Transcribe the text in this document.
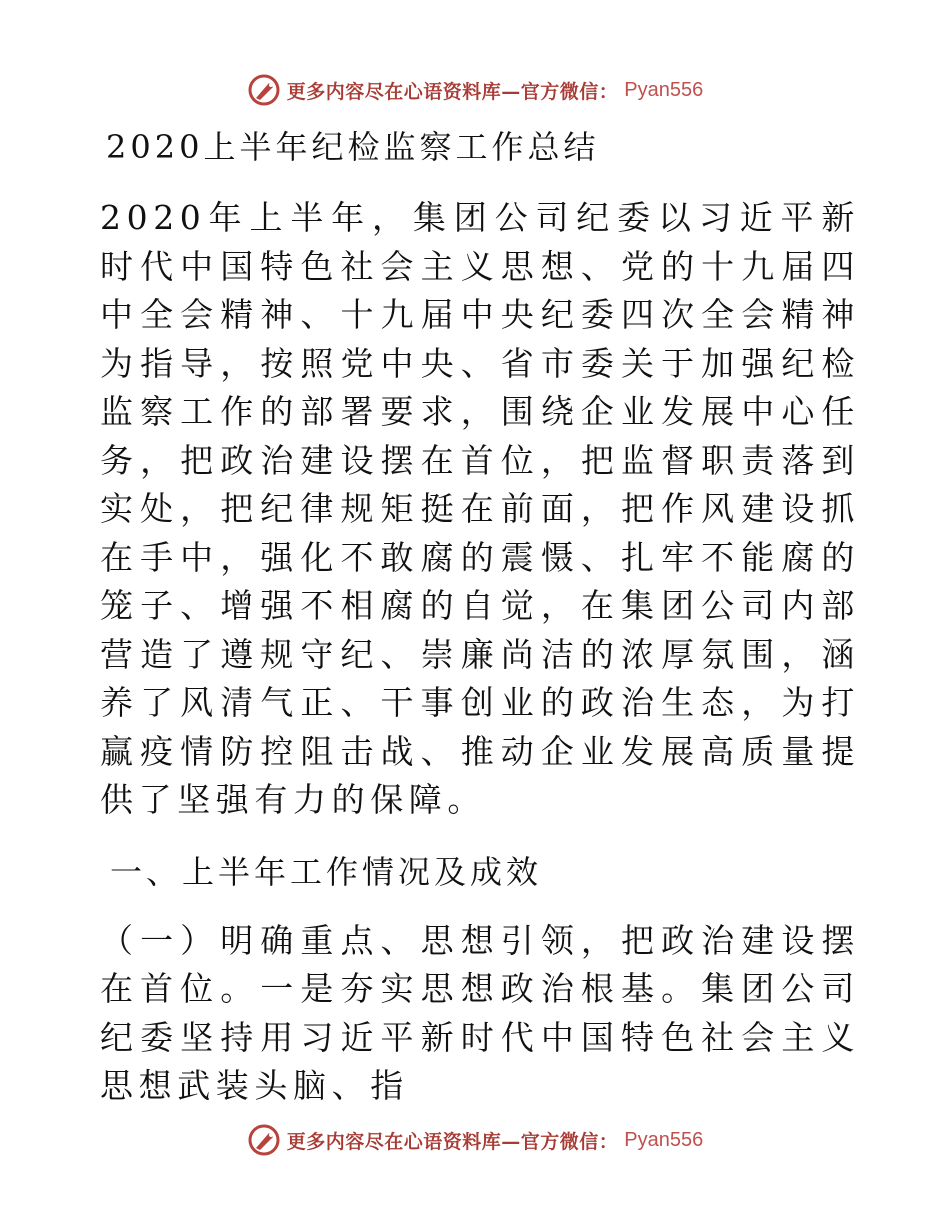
更多内容尽在心语资料库—官方微信： Pyan556
2020上半年纪检监察工作总结

2020年上半年，集团公司纪委以习近平新时代中国特色社会主义思想、党的十九届四中全会精神、十九届中央纪委四次全会精神为指导，按照党中央、省市委关于加强纪检监察工作的部署要求，围绕企业发展中心任务，把政治建设摆在首位，把监督职责落到实处，把纪律规矩挺在前面，把作风建设抓在手中，强化不敢腐的震慑、扎牢不能腐的笼子、增强不相腐的自觉，在集团公司内部营造了遵规守纪、崇廉尚洁的浓厚氛围，涵养了风清气正、干事创业的政治生态，为打赢疫情防控阻击战、推动企业发展高质量提供了坚强有力的保障。

一、上半年工作情况及成效

（一）明确重点、思想引领，把政治建设摆在首位。一是夯实思想政治根基。集团公司纪委坚持用习近平新时代中国特色社会主义思想武装头脑、指

更多内容尽在心语资料库—官方微信： Pyan556
